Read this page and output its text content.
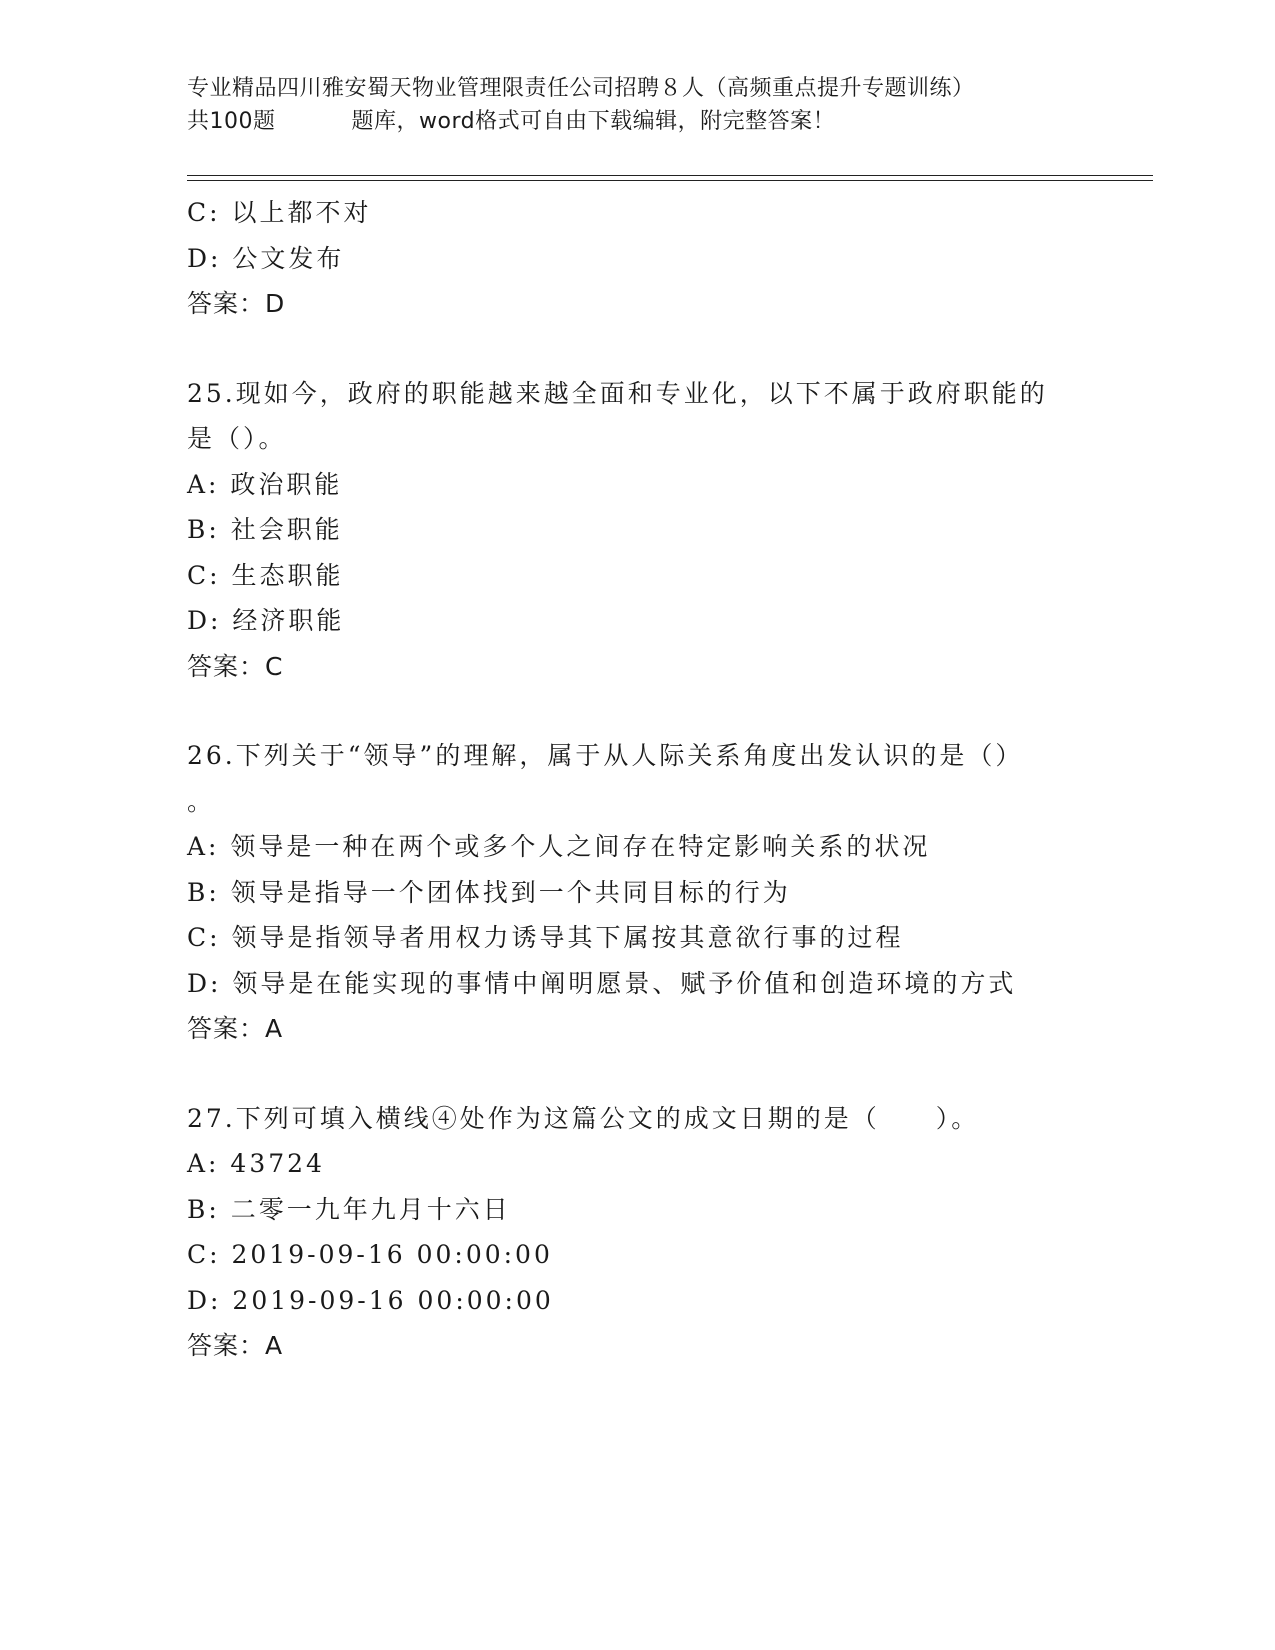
专业精品四川雅安蜀天物业管理限责任公司招聘８人（高频重点提升专题训练）
共100题	题库，word格式可自由下载编辑，附完整答案！
C: 以上都不对
D: 公文发布
答案：D
25.现如今，政府的职能越来越全面和专业化，以下不属于政府职能的
是（）。
A: 政治职能
B: 社会职能
C: 生态职能
D: 经济职能
答案：C
26.下列关于“领导”的理解，属于从人际关系角度出发认识的是（）
。
A: 领导是一种在两个或多个人之间存在特定影响关系的状况
B: 领导是指导一个团体找到一个共同目标的行为
C: 领导是指领导者用权力诱导其下属按其意欲行事的过程
D: 领导是在能实现的事情中阐明愿景、赋予价值和创造环境的方式
答案：A
27.下列可填入横线④处作为这篇公文的成文日期的是（　　）。
A: 43724
B: 二零一九年九月十六日
C: 2019-09-16 00:00:00
D: 2019-09-16 00:00:00
答案：A
